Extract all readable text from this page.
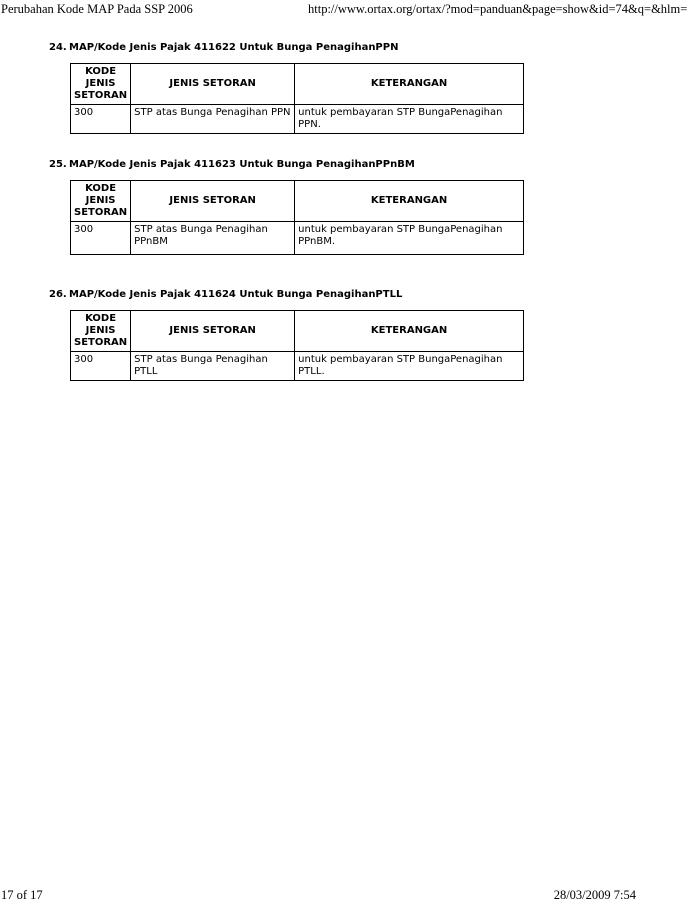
Perubahan Kode MAP Pada SSP 2006	http://www.ortax.org/ortax/?mod=panduan&page=show&id=74&q=&hlm=
24. MAP/Kode Jenis Pajak 411622 Untuk Bunga PenagihanPPN
KODE JENIS SETORAN	JENIS SETORAN	KETERANGAN
300	STP atas Bunga Penagihan PPN	untuk pembayaran STP BungaPenagihan PPN.
25. MAP/Kode Jenis Pajak 411623 Untuk Bunga PenagihanPPnBM
KODE JENIS SETORAN	JENIS SETORAN	KETERANGAN
300	STP atas Bunga Penagihan PPnBM	untuk pembayaran STP BungaPenagihan PPnBM.
26. MAP/Kode Jenis Pajak 411624 Untuk Bunga PenagihanPTLL
KODE JENIS SETORAN	JENIS SETORAN	KETERANGAN
300	STP atas Bunga Penagihan PTLL	untuk pembayaran STP BungaPenagihan PTLL.
17 of 17	28/03/2009 7:54
